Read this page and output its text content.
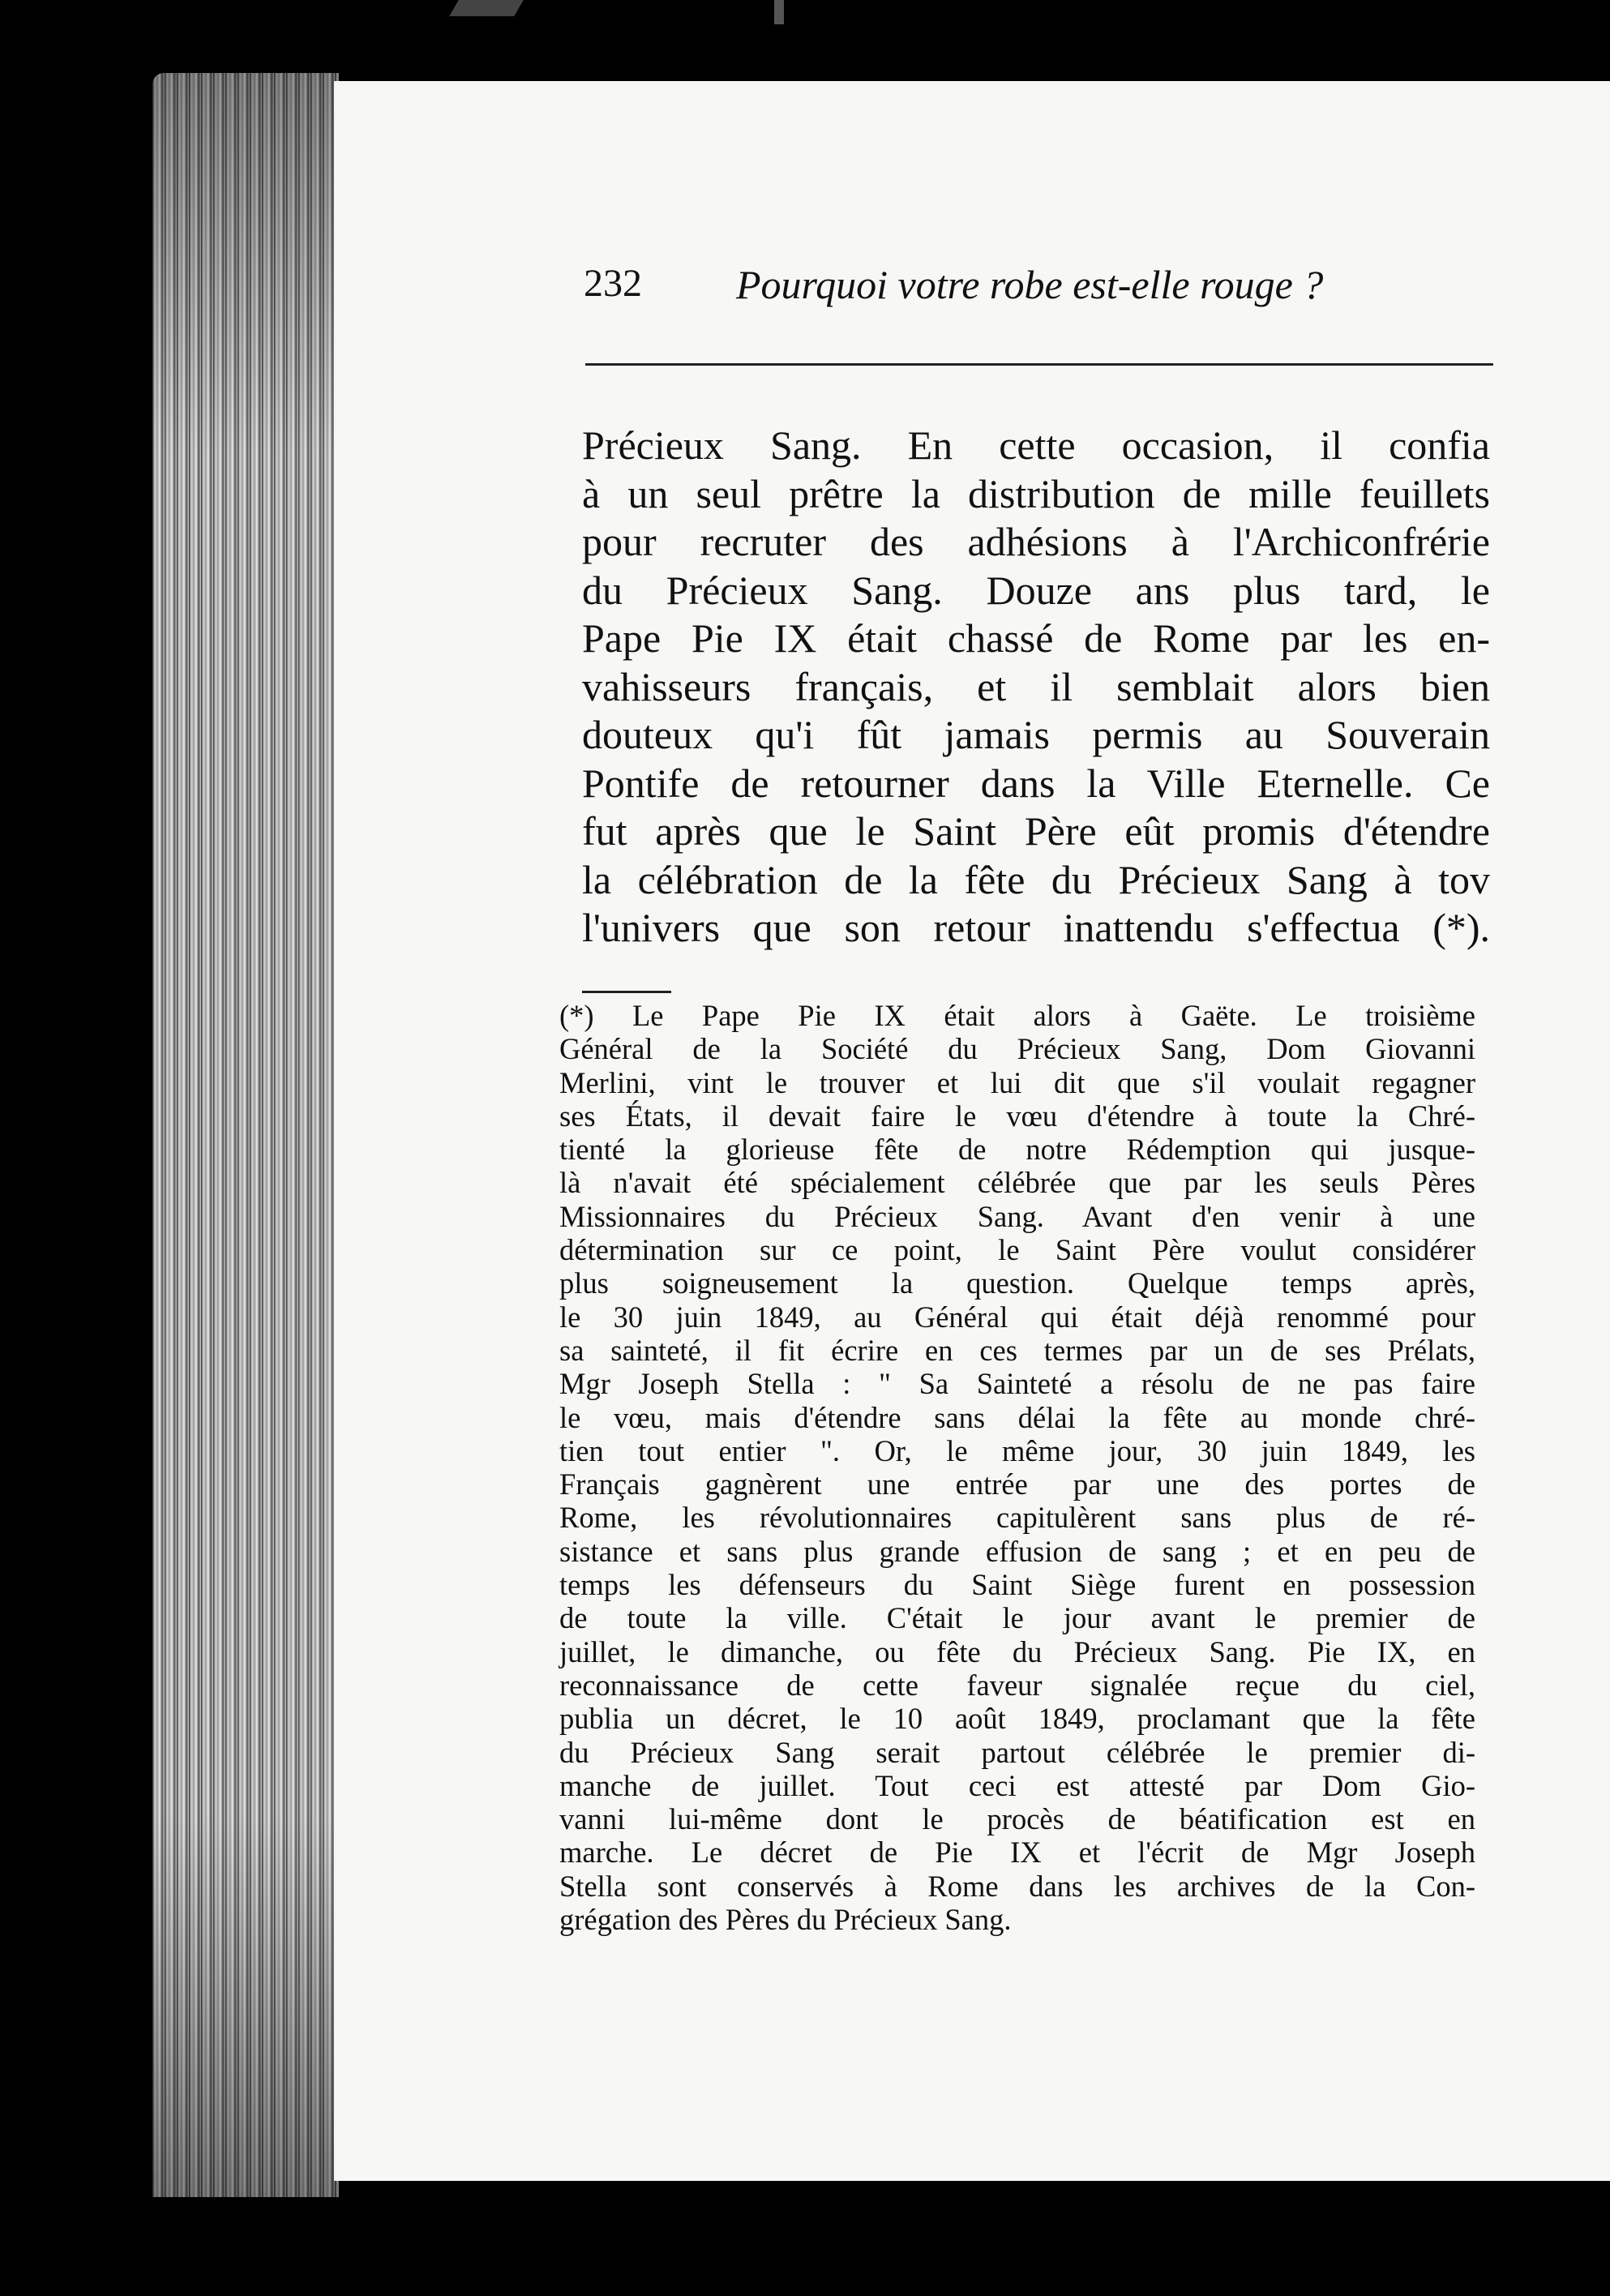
232 Pourquoi votre robe est-elle rouge ?
Précieux Sang. En cette occasion, il confia
à un seul prêtre la distribution de mille feuillets
pour recruter des adhésions à l'Archiconfrérie
du Précieux Sang. Douze ans plus tard, le
Pape Pie IX était chassé de Rome par les en-
vahisseurs français, et il semblait alors bien
douteux qu'i fût jamais permis au Souverain
Pontife de retourner dans la Ville Eternelle. Ce
fut après que le Saint Père eût promis d'étendre
la célébration de la fête du Précieux Sang à tov
l'univers que son retour inattendu s'effectua (*).
(*) Le Pape Pie IX était alors à Gaëte. Le troisième
Général de la Société du Précieux Sang, Dom Giovanni
Merlini, vint le trouver et lui dit que s'il voulait regagner
ses États, il devait faire le vœu d'étendre à toute la Chré-
tienté la glorieuse fête de notre Rédemption qui jusque-
là n'avait été spécialement célébrée que par les seuls Pères
Missionnaires du Précieux Sang. Avant d'en venir à une
détermination sur ce point, le Saint Père voulut considérer
plus soigneusement la question. Quelque temps après,
le 30 juin 1849, au Général qui était déjà renommé pour
sa sainteté, il fit écrire en ces termes par un de ses Prélats,
Mgr Joseph Stella : " Sa Sainteté a résolu de ne pas faire
le vœu, mais d'étendre sans délai la fête au monde chré-
tien tout entier ". Or, le même jour, 30 juin 1849, les
Français gagnèrent une entrée par une des portes de
Rome, les révolutionnaires capitulèrent sans plus de ré-
sistance et sans plus grande effusion de sang ; et en peu de
temps les défenseurs du Saint Siège furent en possession
de toute la ville. C'était le jour avant le premier de
juillet, le dimanche, ou fête du Précieux Sang. Pie IX, en
reconnaissance de cette faveur signalée reçue du ciel,
publia un décret, le 10 août 1849, proclamant que la fête
du Précieux Sang serait partout célébrée le premier di-
manche de juillet. Tout ceci est attesté par Dom Gio-
vanni lui-même dont le procès de béatification est en
marche. Le décret de Pie IX et l'écrit de Mgr Joseph
Stella sont conservés à Rome dans les archives de la Con-
grégation des Pères du Précieux Sang.
